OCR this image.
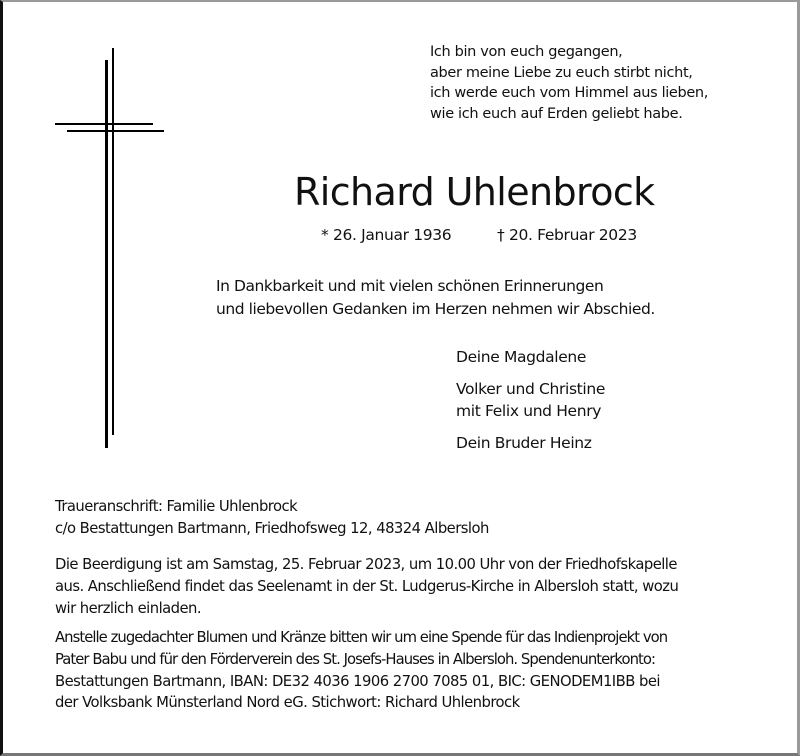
Ich bin von euch gegangen,
aber meine Liebe zu euch stirbt nicht,
ich werde euch vom Himmel aus lieben,
wie ich euch auf Erden geliebt habe.
Richard Uhlenbrock
* 26. Januar 1936	† 20. Februar 2023
In Dankbarkeit und mit vielen schönen Erinnerungen
und liebevollen Gedanken im Herzen nehmen wir Abschied.
Deine Magdalene
Volker und Christine
mit Felix und Henry
Dein Bruder Heinz
Traueranschrift: Familie Uhlenbrock
c/o Bestattungen Bartmann, Friedhofsweg 12, 48324 Albersloh
Die Beerdigung ist am Samstag, 25. Februar 2023, um 10.00 Uhr von der Friedhofskapelle
aus. Anschließend findet das Seelenamt in der St. Ludgerus-Kirche in Albersloh statt, wozu
wir herzlich einladen.
Anstelle zugedachter Blumen und Kränze bitten wir um eine Spende für das Indienprojekt von
Pater Babu und für den Förderverein des St. Josefs-Hauses in Albersloh. Spendenunterkonto:
Bestattungen Bartmann, IBAN: DE32 4036 1906 2700 7085 01, BIC: GENODEM1IBB bei
der Volksbank Münsterland Nord eG. Stichwort: Richard Uhlenbrock
